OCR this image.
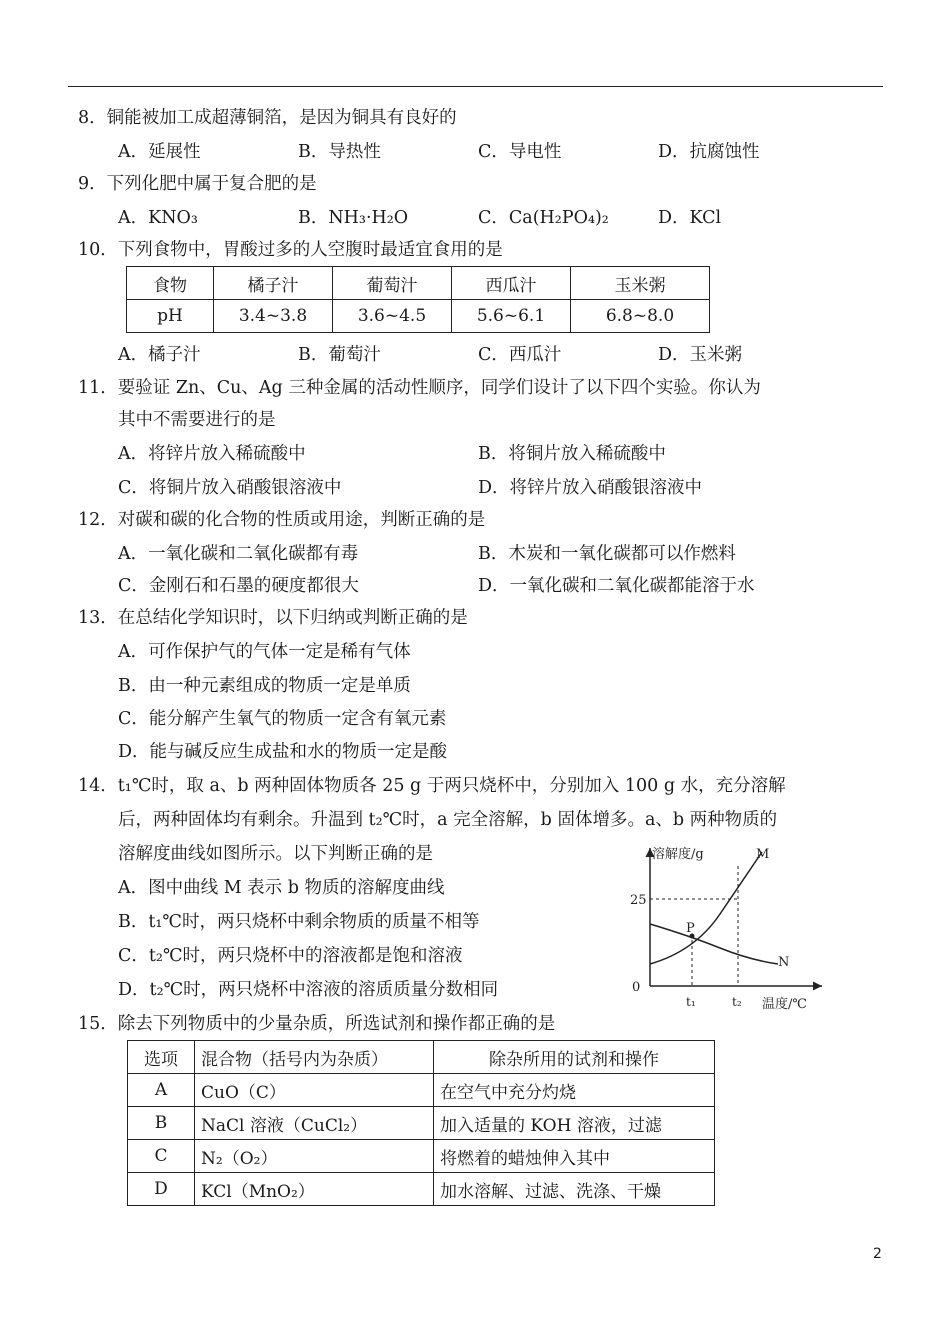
8．铜能被加工成超薄铜箔，是因为铜具有良好的
A．延展性	B．导热性	C．导电性	D．抗腐蚀性
9．下列化肥中属于复合肥的是
A．KNO₃	B．NH₃·H₂O	C．Ca(H₂PO₄)₂	D．KCl
10．下列食物中，胃酸过多的人空腹时最适宜食用的是
食物	橘子汁	葡萄汁	西瓜汁	玉米粥
pH	3.4~3.8	3.6~4.5	5.6~6.1	6.8~8.0
A．橘子汁	B．葡萄汁	C．西瓜汁	D．玉米粥
11．要验证 Zn、Cu、Ag 三种金属的活动性顺序，同学们设计了以下四个实验。你认为
其中不需要进行的是
A．将锌片放入稀硫酸中	B．将铜片放入稀硫酸中
C．将铜片放入硝酸银溶液中	D．将锌片放入硝酸银溶液中
12．对碳和碳的化合物的性质或用途，判断正确的是
A．一氧化碳和二氧化碳都有毒	B．木炭和一氧化碳都可以作燃料
C．金刚石和石墨的硬度都很大	D．一氧化碳和二氧化碳都能溶于水
13．在总结化学知识时，以下归纳或判断正确的是
A．可作保护气的气体一定是稀有气体
B．由一种元素组成的物质一定是单质
C．能分解产生氧气的物质一定含有氧元素
D．能与碱反应生成盐和水的物质一定是酸
14．t₁℃时，取 a、b 两种固体物质各 25 g 于两只烧杯中，分别加入 100 g 水，充分溶解
后，两种固体均有剩余。升温到 t₂℃时，a 完全溶解，b 固体增多。a、b 两种物质的
溶解度曲线如图所示。以下判断正确的是
A．图中曲线 M 表示 b 物质的溶解度曲线
B．t₁℃时，两只烧杯中剩余物质的质量不相等
C．t₂℃时，两只烧杯中的溶液都是饱和溶液
D．t₂℃时，两只烧杯中溶液的溶质质量分数相同
溶解度/g	M
25
P
N
0
t₁	t₂ 温度/℃
15．除去下列物质中的少量杂质，所选试剂和操作都正确的是
选项	混合物（括号内为杂质）	除杂所用的试剂和操作
A	CuO（C）	在空气中充分灼烧
B	NaCl 溶液（CuCl₂）	加入适量的 KOH 溶液，过滤
C	N₂（O₂）	将燃着的蜡烛伸入其中
D	KCl（MnO₂）	加水溶解、过滤、洗涤、干燥
2
